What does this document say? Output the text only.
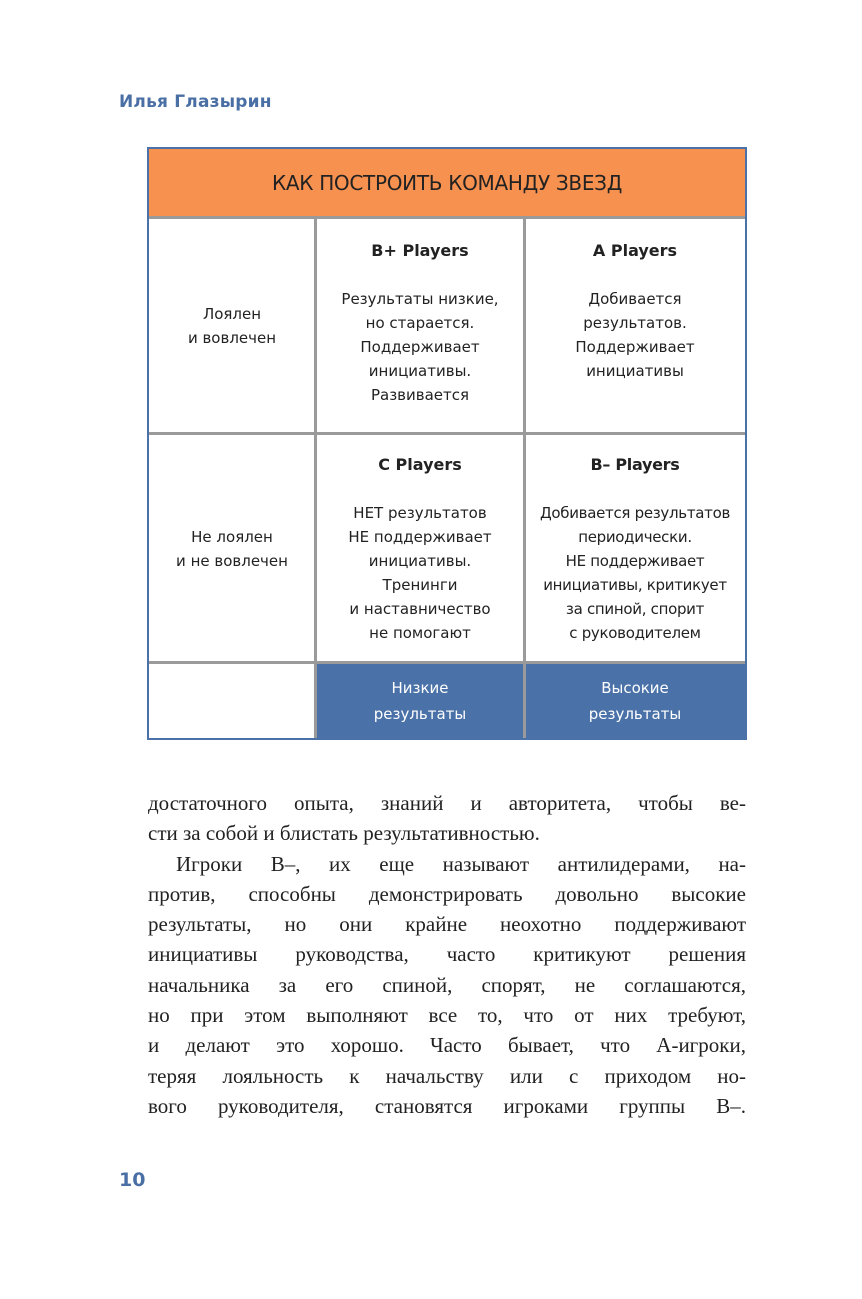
Илья Глазырин
КАК ПОСТРОИТЬ КОМАНДУ ЗВЕЗД
Лоялен
и вовлечен
B+ Players
Результаты низкие,
но старается.
Поддерживает
инициативы.
Развивается
A Players
Добивается
результатов.
Поддерживает
инициативы
Не лоялен
и не вовлечен
C Players
НЕТ результатов
НЕ поддерживает
инициативы.
Тренинги
и наставничество
не помогают
B– Players
Добивается результатов
периодически.
НЕ поддерживает
инициативы, критикует
за спиной, спорит
с руководителем
Низкие
результаты
Высокие
результаты
достаточного опыта, знаний и авторитета, чтобы ве-
сти за собой и блистать результативностью.
Игроки B–, их еще называют антилидерами, на-
против, способны демонстрировать довольно высокие
результаты, но они крайне неохотно поддерживают
инициативы руководства, часто критикуют решения
начальника за его спиной, спорят, не соглашаются,
но при этом выполняют все то, что от них требуют,
и делают это хорошо. Часто бывает, что A-игроки,
теряя лояльность к начальству или с приходом но-
вого руководителя, становятся игроками группы B–.
10
